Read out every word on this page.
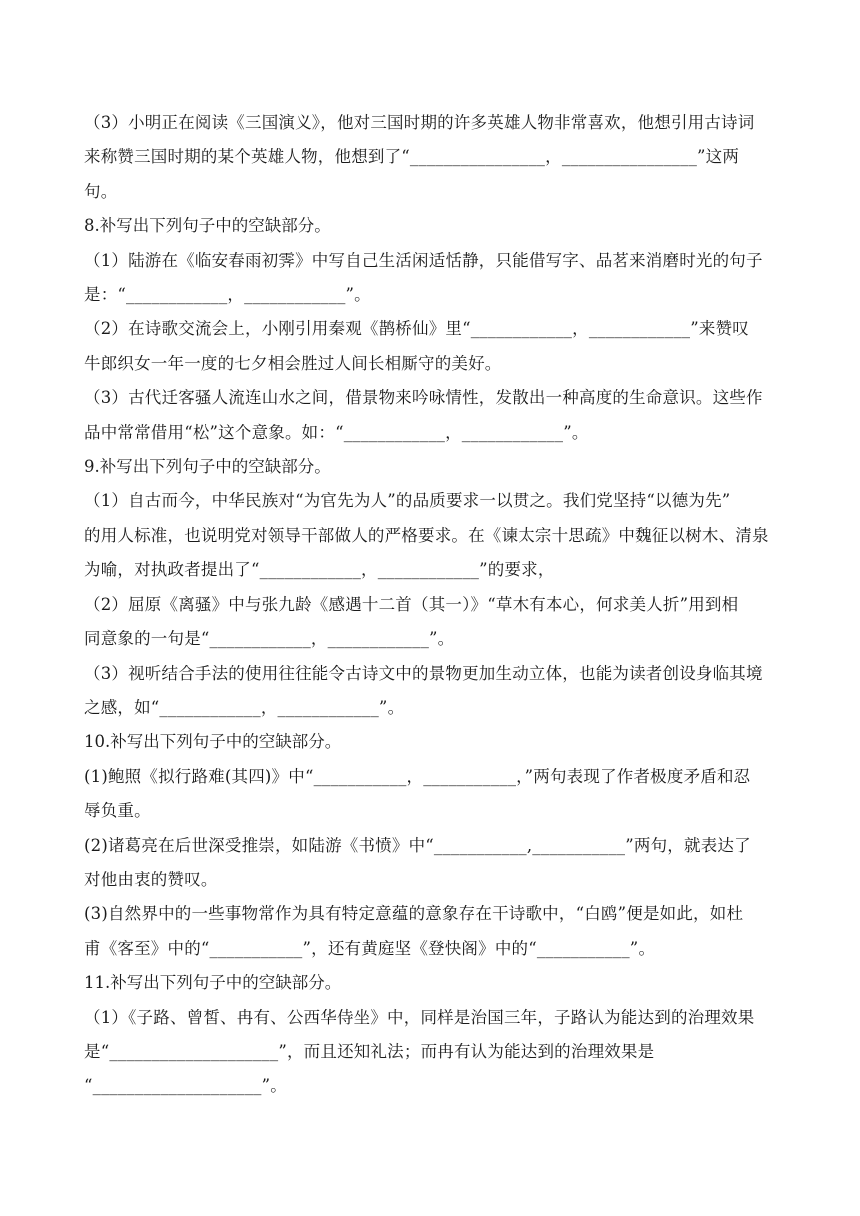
（3）小明正在阅读《三国演义》，他对三国时期的许多英雄人物非常喜欢，他想引用古诗词
来称赞三国时期的某个英雄人物，他想到了“________________，________________”这两
句。
8.补写出下列句子中的空缺部分。
（1）陆游在《临安春雨初霁》中写自己生活闲适恬静，只能借写字、品茗来消磨时光的句子
是：“____________，____________”。
（2）在诗歌交流会上，小刚引用秦观《鹊桥仙》里“____________，____________”来赞叹
牛郎织女一年一度的七夕相会胜过人间长相厮守的美好。
（3）古代迁客骚人流连山水之间，借景物来吟咏情性，发散出一种高度的生命意识。这些作
品中常常借用“松”这个意象。如：“____________，____________”。
9.补写出下列句子中的空缺部分。
（1）自古而今，中华民族对“为官先为人”的品质要求一以贯之。我们党坚持“以德为先”
的用人标准，也说明党对领导干部做人的严格要求。在《谏太宗十思疏》中魏征以树木、清泉
为喻，对执政者提出了“____________，____________”的要求，
（2）屈原《离骚》中与张九龄《感遇十二首（其一）》“草木有本心，何求美人折”用到相
同意象的一句是“____________，____________”。
（3）视听结合手法的使用往往能令古诗文中的景物更加生动立体，也能为读者创设身临其境
之感，如“____________，____________”。
10.补写出下列句子中的空缺部分。
(1)鲍照《拟行路难(其四)》中“___________，___________，”两句表现了作者极度矛盾和忍
辱负重。
(2)诸葛亮在后世深受推崇，如陆游《书愤》中“___________,___________”两句，就表达了
对他由衷的赞叹。
(3)自然界中的一些事物常作为具有特定意蕴的意象存在干诗歌中，“白鸥”便是如此，如杜
甫《客至》中的“___________”，还有黄庭坚《登快阁》中的“___________”。
11.补写出下列句子中的空缺部分。
（1）《子路、曾皙、冉有、公西华侍坐》中，同样是治国三年，子路认为能达到的治理效果
是“____________________”，而且还知礼法；而冉有认为能达到的治理效果是
“____________________”。
